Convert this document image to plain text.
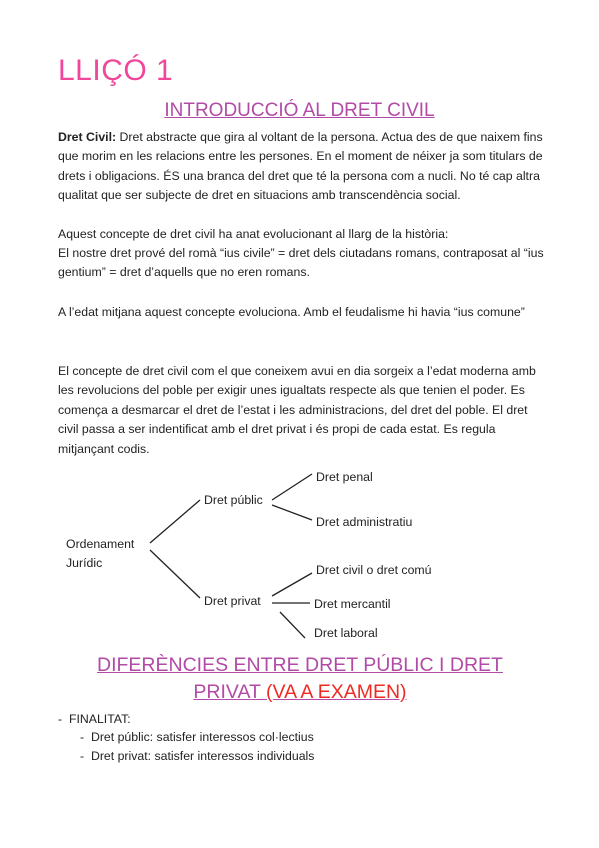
LLIÇÓ 1
INTRODUCCIÓ AL DRET CIVIL
Dret Civil: Dret abstracte que gira al voltant de la persona. Actua des de que naixem fins que morim en les relacions entre les persones. En el moment de néixer ja som titulars de drets i obligacions. ÉS una branca del dret que té la persona com a nucli. No té cap altra qualitat que ser subjecte de dret en situacions amb transcendència social.
Aquest concepte de dret civil ha anat evolucionant al llarg de la història:
El nostre dret prové del romà “ius civile” = dret dels ciutadans romans, contraposat al “ius gentium” = dret d’aquells que no eren romans.
A l’edat mitjana aquest concepte evoluciona. Amb el feudalisme hi havia “ius comune”
El concepte de dret civil com el que coneixem avui en dia sorgeix a l’edat moderna amb les revolucions del poble per exigir unes igualtats respecte als que tenien el poder. Es comença a desmarcar el dret de l’estat i les administracions, del dret del poble. El dret civil passa a ser indentificat amb el dret privat i és propi de cada estat. Es regula mitjançant codis.
Ordenament
Jurídic
Dret públic
Dret privat
Dret penal
Dret administratiu
Dret civil o dret comú
Dret mercantil
Dret laboral
DIFERÈNCIES ENTRE DRET PÚBLIC I DRET
PRIVAT (VA A EXAMEN)
-  FINALITAT:
-  Dret públic: satisfer interessos col·lectius
-  Dret privat: satisfer interessos individuals
